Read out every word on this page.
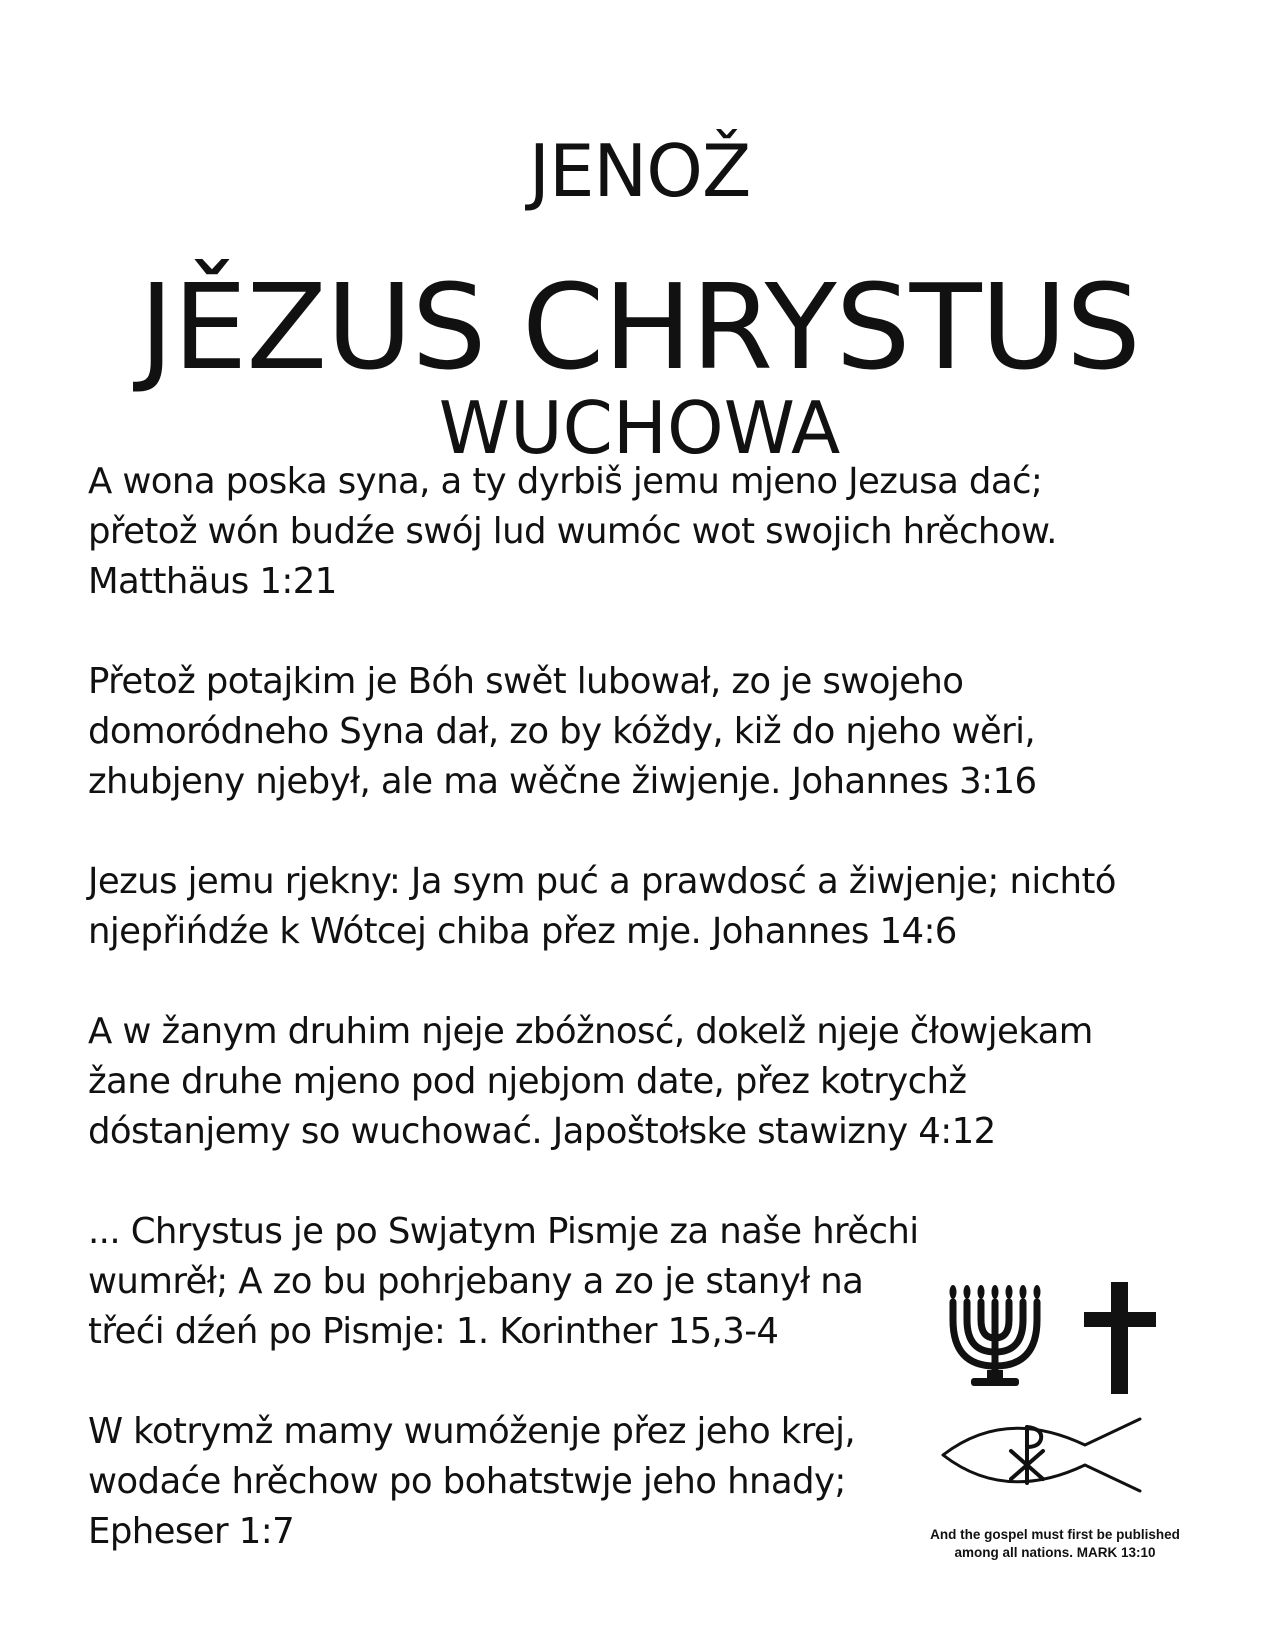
JENOŽ
JĚZUS CHRYSTUS
WUCHOWA

A wona poska syna, a ty dyrbiš jemu mjeno Jezusa dać;
přetož wón budźe swój lud wumóc wot swojich hrěchow.
Matthäus 1:21

Přetož potajkim je Bóh swět lubował, zo je swojeho
domoródneho Syna dał, zo by kóždy, kiž do njeho wěri,
zhubjeny njebył, ale ma wěčne žiwjenje. Johannes 3:16

Jezus jemu rjekny: Ja sym puć a prawdosć a žiwjenje; nichtó
njepřińdźe k Wótcej chiba přez mje. Johannes 14:6

A w žanym druhim njeje zbóžnosć, dokelž njeje čłowjekam
žane druhe mjeno pod njebjom date, přez kotrychž
dóstanjemy so wuchować. Japoštołske stawizny 4:12

... Chrystus je po Swjatym Pismje za naše hrěchi
wumrěł; A zo bu pohrjebany a zo je stanył na
třeći dźeń po Pismje: 1. Korinther 15,3-4

W kotrymž mamy wumóženje přez jeho krej,
wodaće hrěchow po bohatstwje jeho hnady;
Epheser 1:7	And the gospel must first be published
among all nations. MARK 13:10
